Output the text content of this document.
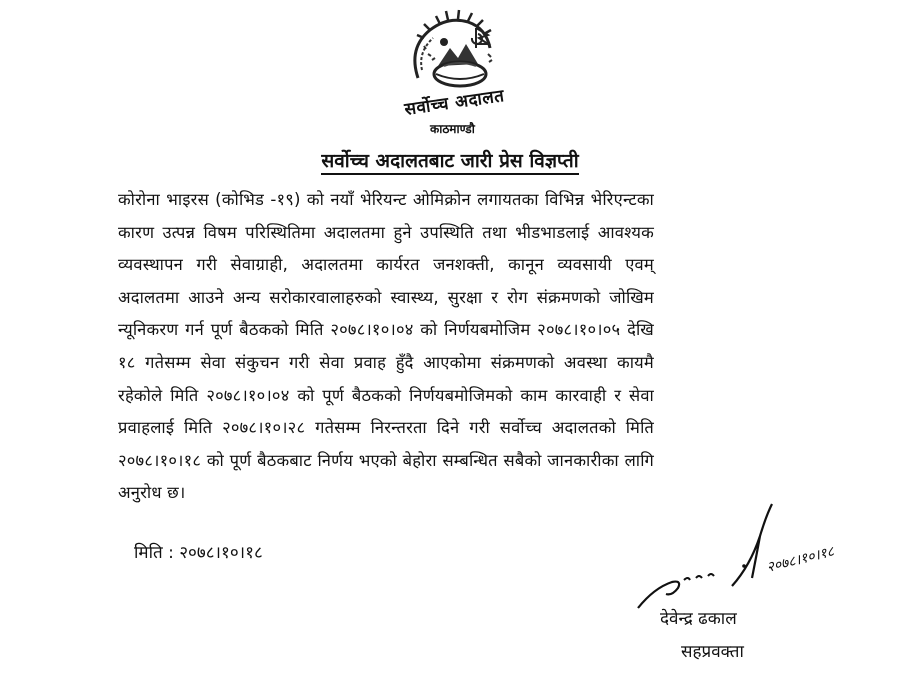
सर्वोच्च अदालत
काठमाण्डौ
सर्वोच्च अदालतबाट जारी प्रेस विज्ञप्ती
कोरोना भाइरस (कोभिड -१९) को नयाँ भेरियन्ट ओमिक्रोन लगायतका विभिन्न भेरिएन्टका कारण उत्पन्न विषम परिस्थितिमा अदालतमा हुने उपस्थिति तथा भीडभाडलाई आवश्यक व्यवस्थापन गरी सेवाग्राही, अदालतमा कार्यरत जनशक्ती, कानून व्यवसायी एवम् अदालतमा आउने अन्य सरोकारवालाहरुको स्वास्थ्य, सुरक्षा र रोग संक्रमणको जोखिम न्यूनिकरण गर्न पूर्ण बैठकको मिति २०७८।१०।०४ को निर्णयबमोजिम २०७८।१०।०५ देखि १८ गतेसम्म सेवा संकुचन गरी सेवा प्रवाह हुँदै आएकोमा संक्रमणको अवस्था कायमै रहेकोले मिति २०७८।१०।०४ को पूर्ण बैठकको निर्णयबमोजिमको काम कारवाही र सेवा प्रवाहलाई मिति २०७८।१०।२८ गतेसम्म निरन्तरता दिने गरी सर्वोच्च अदालतको मिति २०७८।१०।१८ को पूर्ण बैठकबाट निर्णय भएको बेहोरा सम्बन्धित सबैको जानकारीका लागि अनुरोध छ।
मिति : २०७८।१०।१८	२०७८।१०।१८
देवेन्द्र ढकाल
सहप्रवक्ता
